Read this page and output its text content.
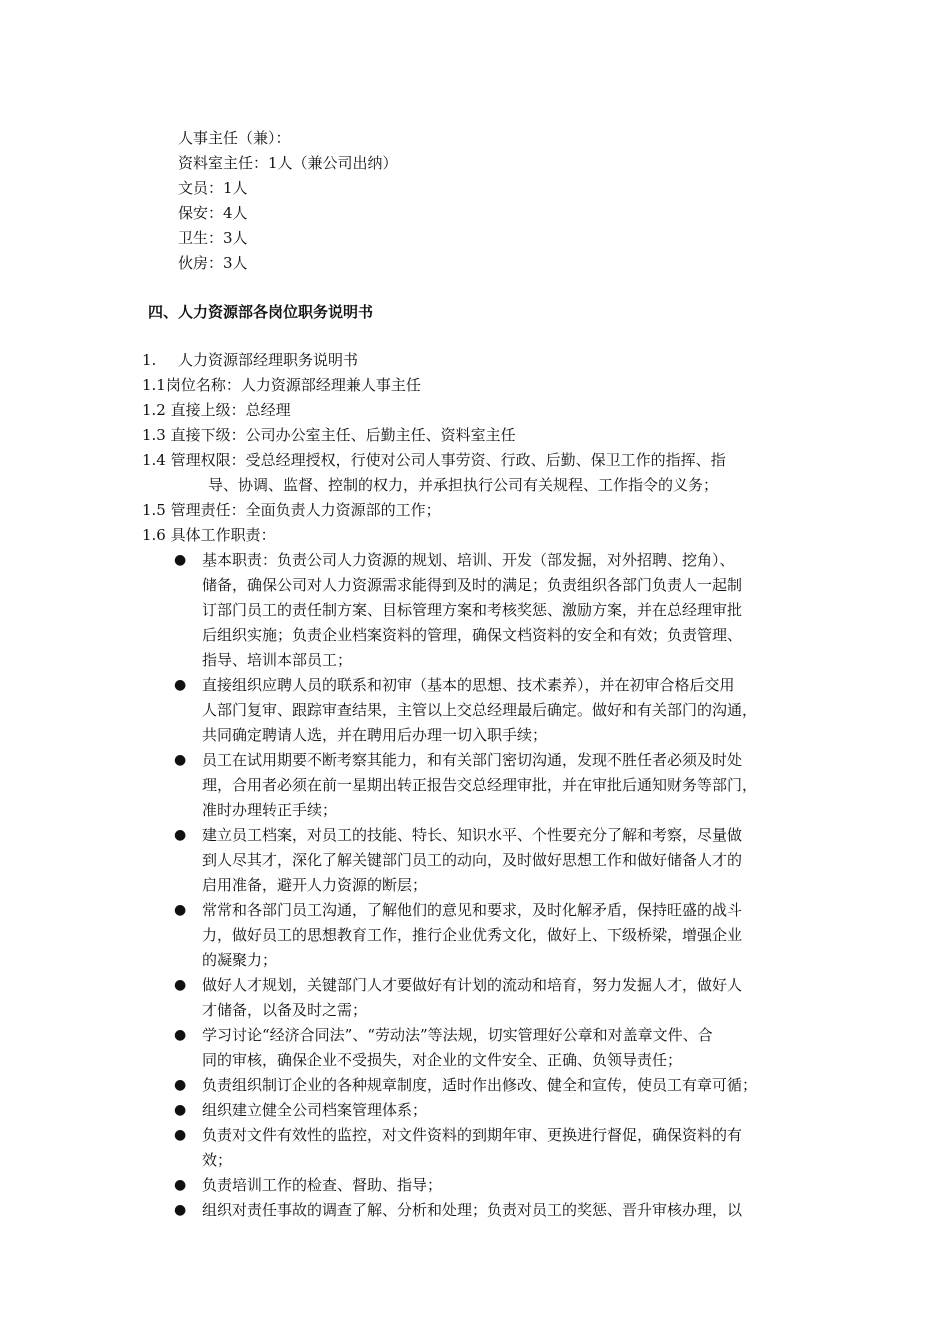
人事主任（兼）：
资料室主任：1人（兼公司出纳）
文员：1人
保安：4人
卫生：3人
伙房：3人
四、人力资源部各岗位职务说明书
1. 人力资源部经理职务说明书
1.1岗位名称：人力资源部经理兼人事主任
1.2 直接上级：总经理
1.3 直接下级：公司办公室主任、后勤主任、资料室主任
1.4 管理权限：受总经理授权，行使对公司人事劳资、行政、后勤、保卫工作的指挥、指
导、协调、监督、控制的权力，并承担执行公司有关规程、工作指令的义务；
1.5 管理责任：全面负责人力资源部的工作；
1.6 具体工作职责：
●	基本职责：负责公司人力资源的规划、培训、开发（部发掘，对外招聘、挖角）、
储备，确保公司对人力资源需求能得到及时的满足；负责组织各部门负责人一起制
订部门员工的责任制方案、目标管理方案和考核奖惩、激励方案，并在总经理审批
后组织实施；负责企业档案资料的管理，确保文档资料的安全和有效；负责管理、
指导、培训本部员工；
●	直接组织应聘人员的联系和初审（基本的思想、技术素养），并在初审合格后交用
人部门复审、跟踪审查结果，主管以上交总经理最后确定。做好和有关部门的沟通，
共同确定聘请人选，并在聘用后办理一切入职手续；
●	员工在试用期要不断考察其能力，和有关部门密切沟通，发现不胜任者必须及时处
理，合用者必须在前一星期出转正报告交总经理审批，并在审批后通知财务等部门，
准时办理转正手续；
●	建立员工档案，对员工的技能、特长、知识水平、个性要充分了解和考察，尽量做
到人尽其才，深化了解关键部门员工的动向，及时做好思想工作和做好储备人才的
启用准备，避开人力资源的断层；
●	常常和各部门员工沟通，了解他们的意见和要求，及时化解矛盾，保持旺盛的战斗
力，做好员工的思想教育工作，推行企业优秀文化，做好上、下级桥梁，增强企业
的凝聚力；
●	做好人才规划，关键部门人才要做好有计划的流动和培育，努力发掘人才，做好人
才储备，以备及时之需；
●	学习讨论“经济合同法”、“劳动法”等法规，切实管理好公章和对盖章文件、合
同的审核，确保企业不受损失，对企业的文件安全、正确、负领导责任；
●	负责组织制订企业的各种规章制度，适时作出修改、健全和宣传，使员工有章可循；
●	组织建立健全公司档案管理体系；
●	负责对文件有效性的监控，对文件资料的到期年审、更换进行督促，确保资料的有
效；
●	负责培训工作的检查、督助、指导；
●	组织对责任事故的调查了解、分析和处理；负责对员工的奖惩、晋升审核办理，以
